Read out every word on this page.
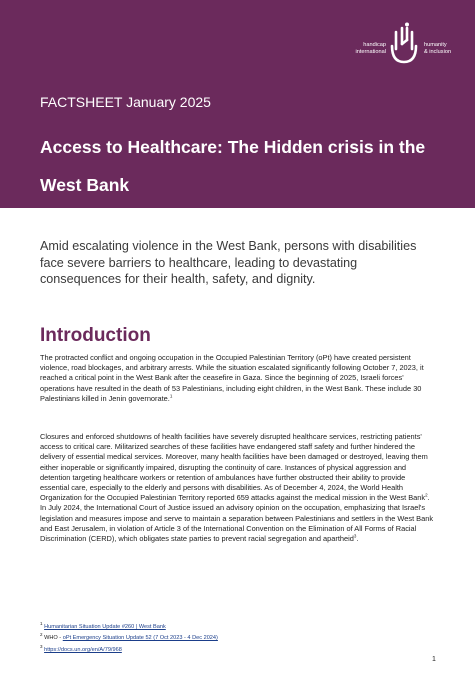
handicap
international
humanity
& inclusion
FACTSHEET January 2025
Access to Healthcare: The Hidden crisis in the West Bank

Amid escalating violence in the West Bank, persons with disabilities face severe barriers to healthcare, leading to devastating consequences for their health, safety, and dignity.

Introduction

The protracted conflict and ongoing occupation in the Occupied Palestinian Territory (oPt) have created persistent violence, road blockages, and arbitrary arrests. While the situation escalated significantly following October 7, 2023, it reached a critical point in the West Bank after the ceasefire in Gaza. Since the beginning of 2025, Israeli forces' operations have resulted in the death of 53 Palestinians, including eight children, in the West Bank. These include 30 Palestinians killed in Jenin governorate.$^1$

Closures and enforced shutdowns of health facilities have severely disrupted healthcare services, restricting patients' access to critical care. Militarized searches of these facilities have endangered staff safety and further hindered the delivery of essential medical services. Moreover, many health facilities have been damaged or destroyed, leaving them either inoperable or significantly impaired, disrupting the continuity of care. Instances of physical aggression and detention targeting healthcare workers or retention of ambulances have further obstructed their ability to provide essential care, especially to the elderly and persons with disabilities. As of December 4, 2024, the World Health Organization for the Occupied Palestinian Territory reported 659 attacks against the medical mission in the West Bank$^2$. In July 2024, the International Court of Justice issued an advisory opinion on the occupation, emphasizing that Israel's legislation and measures impose and serve to maintain a separation between Palestinians and settlers in the West Bank and East Jerusalem, in violation of Article 3 of the International Convention on the Elimination of All Forms of Racial Discrimination (CERD), which obligates state parties to prevent racial segregation and apartheid$^3$.

$^1$ Humanitarian Situation Update #260 | West Bank

$^2$ WHO - oPt Emergency Situation Update 52 (7 Oct 2023 - 4 Dec 2024)

$^3$ https://docs.un.org/en/A/79/968

1
